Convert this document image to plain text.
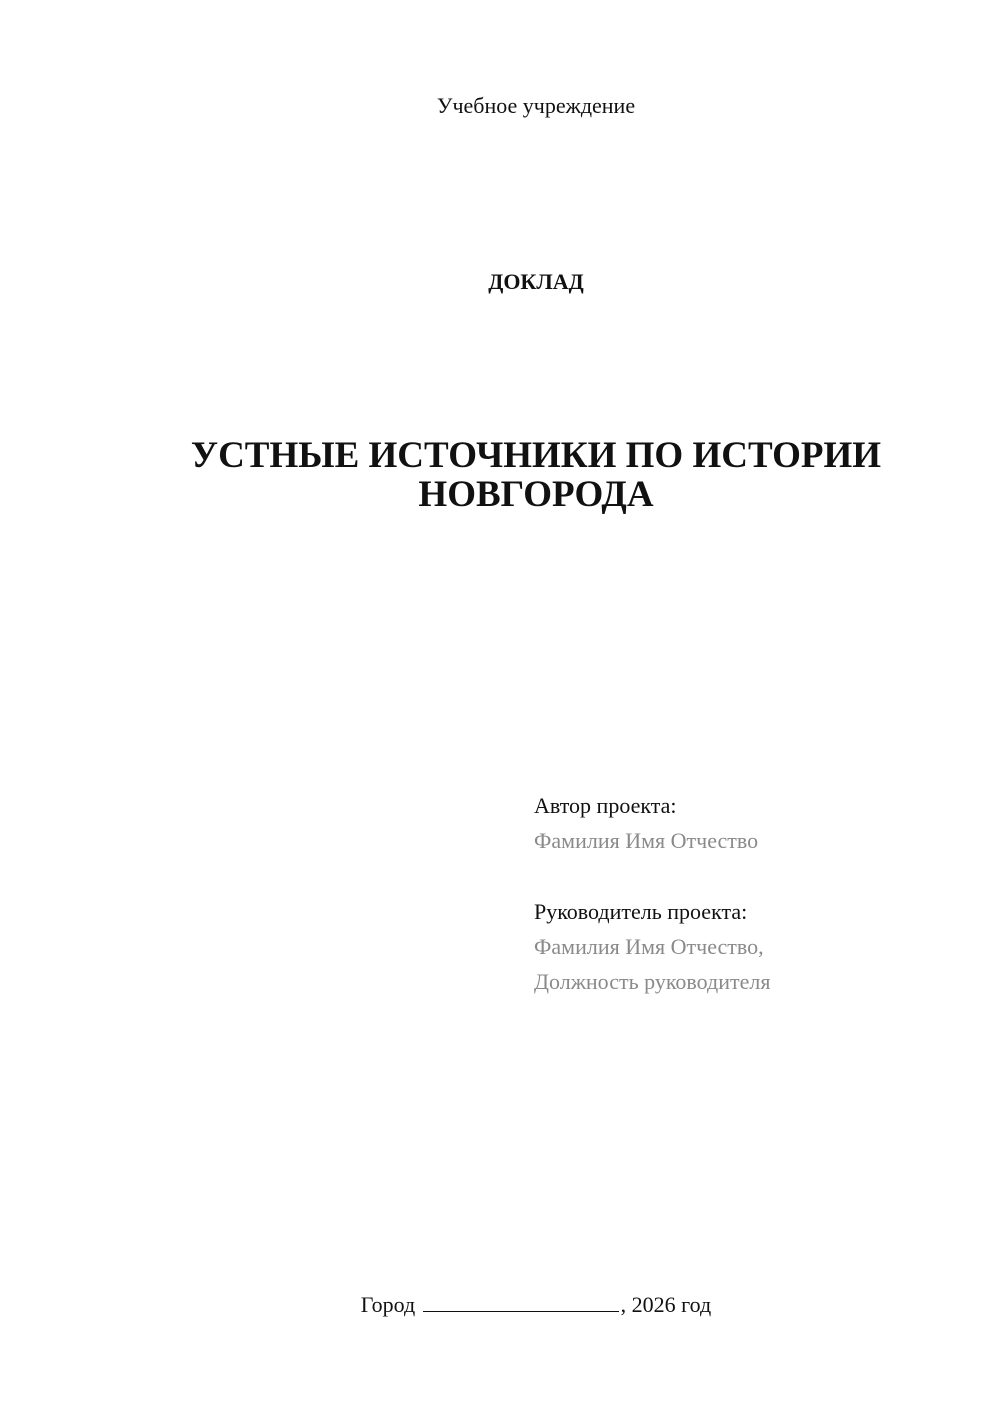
Учебное учреждение
ДОКЛАД
УСТНЫЕ ИСТОЧНИКИ ПО ИСТОРИИ
НОВГОРОДА
Автор проекта:
Фамилия Имя Отчество
Руководитель проекта:
Фамилия Имя Отчество,
Должность руководителя
Город	, 2026 год
